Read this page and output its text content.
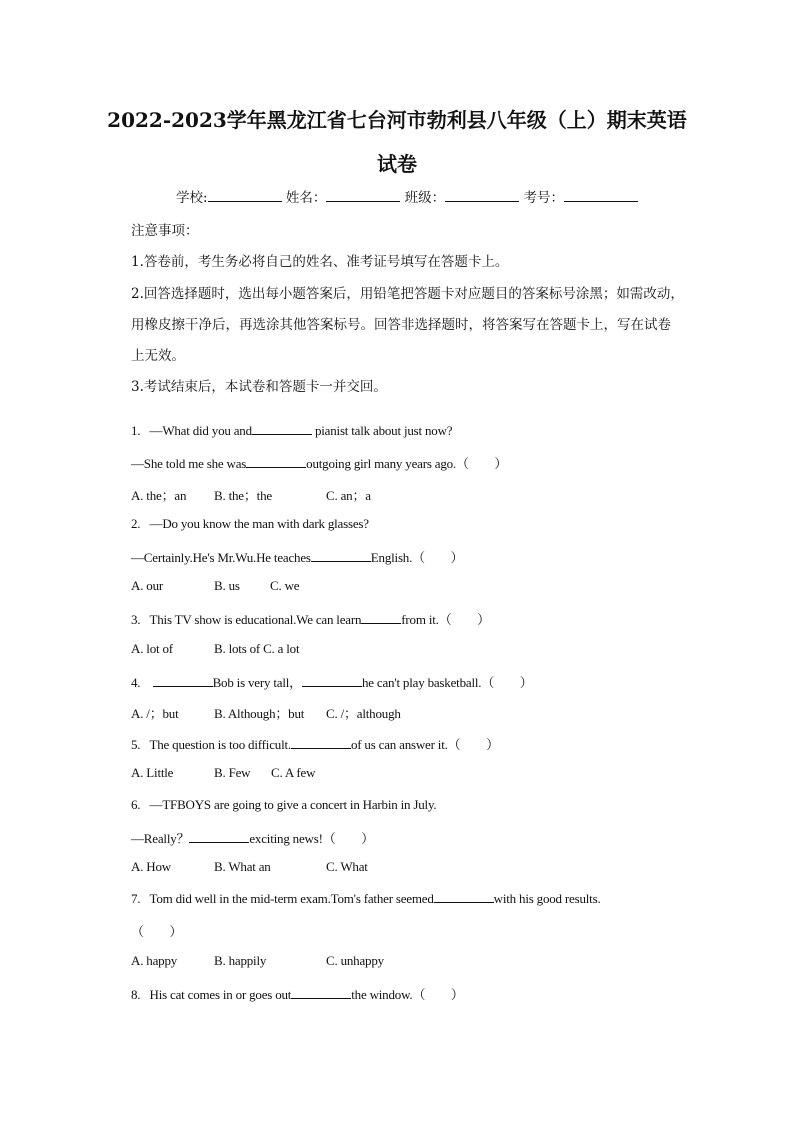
2022-2023学年黑龙江省七台河市勃利县八年级（上）期末英语
试卷
学校:	姓名：	班级：	考号：
注意事项：
1.答卷前，考生务必将自己的姓名、准考证号填写在答题卡上。
2.回答选择题时，选出每小题答案后，用铅笔把答题卡对应题目的答案标号涂黑；如需改动，
用橡皮擦干净后，再选涂其他答案标号。回答非选择题时，将答案写在答题卡上，写在试卷
上无效。
3.考试结束后，本试卷和答题卡一并交回。
1. —What did you and	pianist talk about just now?
—She told me she was	outgoing girl many years ago.（　　）
A. the；an B. the；the	C. an；a
2. —Do you know the man with dark glasses?
—Certainly.He's Mr.Wu.He teaches	English.（　　）
A. our	B. us C. we
3. This TV show is educational.We can learn	from it.（　　）
A. lot of	B. lots of C. a lot
4.	Bob is very tall，	he can't play basketball.（　　）
A. /；but	B. Although；but C. /；although
5. The question is too difficult.	of us can answer it.（　　）
A. Little	B. Few C. A few
6. —TFBOYS are going to give a concert in Harbin in July.
—Really？	exciting news!（　　）
A. How	B. What an	C. What
7. Tom did well in the mid-term exam.Tom's father seemed	with his good results.
（　　）
A. happy	B. happily	C. unhappy
8. His cat comes in or goes out	the window.（　　）
